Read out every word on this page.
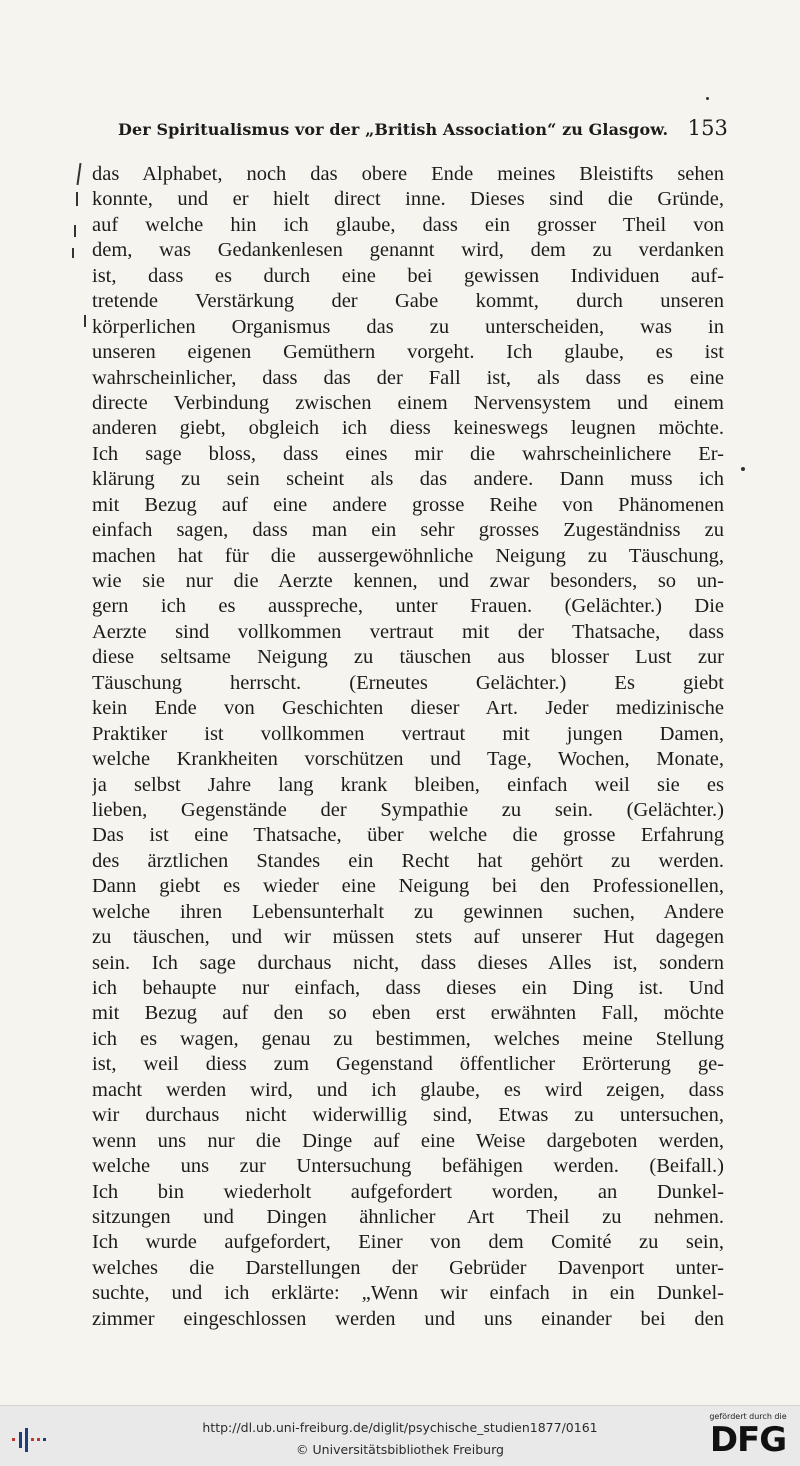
Der Spiritualismus vor der „British Association“ zu Glasgow. 153
das Alphabet, noch das obere Ende meines Bleistifts sehen
konnte, und er hielt direct inne. Dieses sind die Gründe,
auf welche hin ich glaube, dass ein grosser Theil von
dem, was Gedankenlesen genannt wird, dem zu verdanken
ist, dass es durch eine bei gewissen Individuen auf-
tretende Verstärkung der Gabe kommt, durch unseren
körperlichen Organismus das zu unterscheiden, was in
unseren eigenen Gemüthern vorgeht. Ich glaube, es ist
wahrscheinlicher, dass das der Fall ist, als dass es eine
directe Verbindung zwischen einem Nervensystem und einem
anderen giebt, obgleich ich diess keineswegs leugnen möchte.
Ich sage bloss, dass eines mir die wahrscheinlichere Er-
klärung zu sein scheint als das andere. Dann muss ich
mit Bezug auf eine andere grosse Reihe von Phänomenen
einfach sagen, dass man ein sehr grosses Zugeständniss zu
machen hat für die aussergewöhnliche Neigung zu Täuschung,
wie sie nur die Aerzte kennen, und zwar besonders, so un-
gern ich es ausspreche, unter Frauen. (Gelächter.) Die
Aerzte sind vollkommen vertraut mit der Thatsache, dass
diese seltsame Neigung zu täuschen aus blosser Lust zur
Täuschung herrscht. (Erneutes Gelächter.) Es giebt
kein Ende von Geschichten dieser Art. Jeder medizinische
Praktiker ist vollkommen vertraut mit jungen Damen,
welche Krankheiten vorschützen und Tage, Wochen, Monate,
ja selbst Jahre lang krank bleiben, einfach weil sie es
lieben, Gegenstände der Sympathie zu sein. (Gelächter.)
Das ist eine Thatsache, über welche die grosse Erfahrung
des ärztlichen Standes ein Recht hat gehört zu werden.
Dann giebt es wieder eine Neigung bei den Professionellen,
welche ihren Lebensunterhalt zu gewinnen suchen, Andere
zu täuschen, und wir müssen stets auf unserer Hut dagegen
sein. Ich sage durchaus nicht, dass dieses Alles ist, sondern
ich behaupte nur einfach, dass dieses ein Ding ist. Und
mit Bezug auf den so eben erst erwähnten Fall, möchte
ich es wagen, genau zu bestimmen, welches meine Stellung
ist, weil diess zum Gegenstand öffentlicher Erörterung ge-
macht werden wird, und ich glaube, es wird zeigen, dass
wir durchaus nicht widerwillig sind, Etwas zu untersuchen,
wenn uns nur die Dinge auf eine Weise dargeboten werden,
welche uns zur Untersuchung befähigen werden. (Beifall.)
Ich bin wiederholt aufgefordert worden, an Dunkel-
sitzungen und Dingen ähnlicher Art Theil zu nehmen.
Ich wurde aufgefordert, Einer von dem Comité zu sein,
welches die Darstellungen der Gebrüder Davenport unter-
suchte, und ich erklärte: „Wenn wir einfach in ein Dunkel-
zimmer eingeschlossen werden und uns einander bei den
http://dl.ub.uni-freiburg.de/diglit/psychische_studien1877/0161
© Universitätsbibliothek Freiburg
gefördert durch die
DFG
